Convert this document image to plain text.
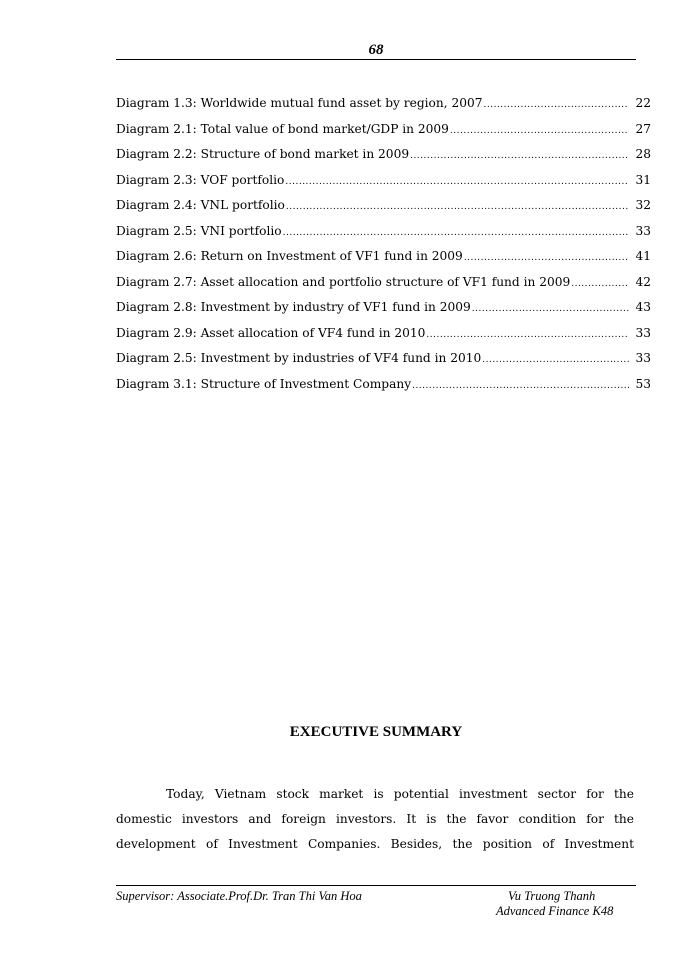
68
Diagram 1.3: Worldwide mutual fund asset by region, 2007 .....	22
Diagram 2.1: Total value of bond market/GDP in 2009 .....	27
Diagram 2.2: Structure of bond market in 2009 .....	28
Diagram 2.3: VOF portfolio .....	31
Diagram 2.4: VNL portfolio .....	32
Diagram 2.5: VNI portfolio .....	33
Diagram 2.6: Return on Investment of VF1 fund in 2009 .....	41
Diagram 2.7: Asset allocation and portfolio structure of VF1 fund in 2009 .....	42
Diagram 2.8: Investment by industry of VF1 fund in 2009 .....	43
Diagram 2.9: Asset allocation of VF4 fund in 2010 .....	33
Diagram 2.5: Investment by industries of VF4 fund in 2010 .....	33
Diagram 3.1: Structure of Investment Company .....	53
EXECUTIVE SUMMARY

Today, Vietnam stock market is potential investment sector for the domestic investors and foreign investors. It is the favor condition for the development of Investment Companies. Besides, the position of Investment

Supervisor: Associate.Prof.Dr. Tran Thi Van Hoa	Vu Truong Thanh
Advanced Finance K48
